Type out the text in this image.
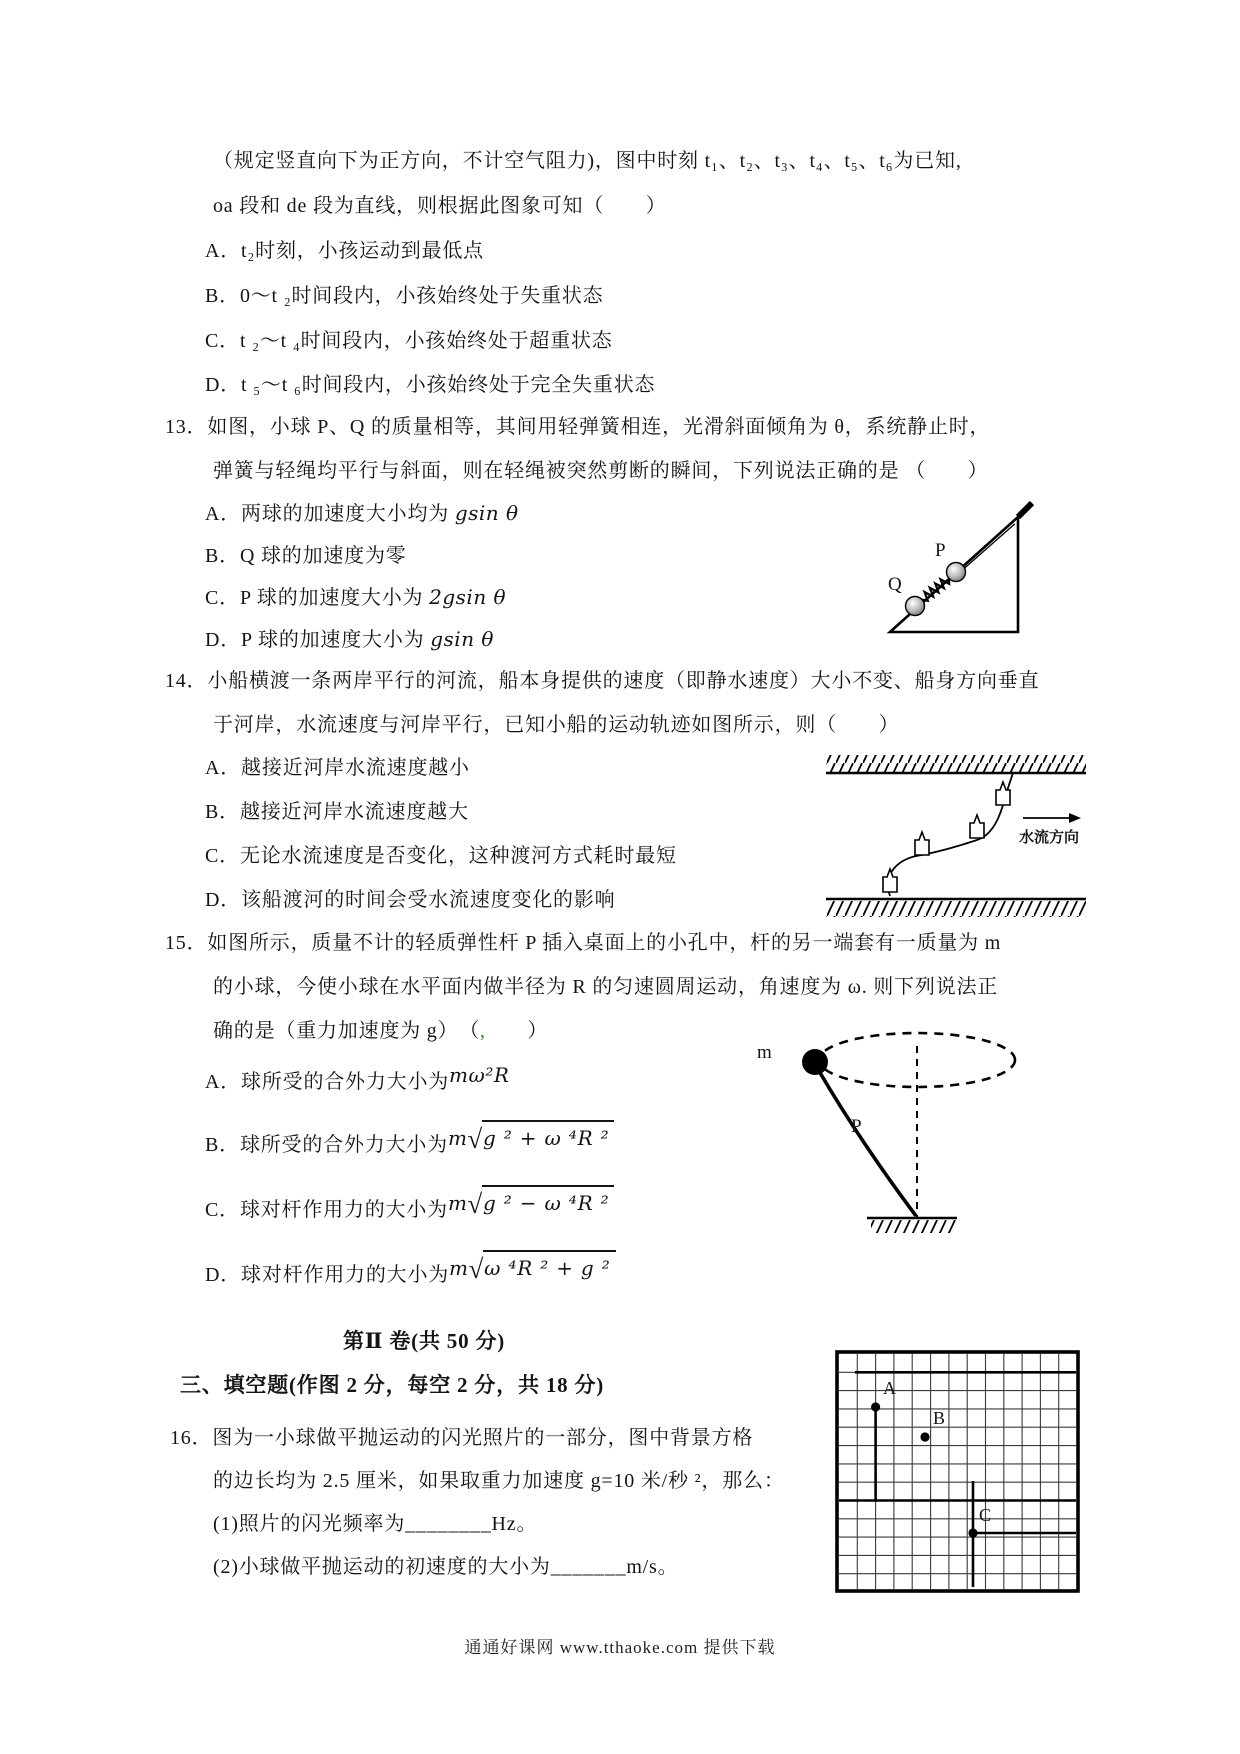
（规定竖直向下为正方向，不计空气阻力)，图中时刻 t₁、t₂、t₃、t₄、t₅、t₆为已知,
oa 段和 de 段为直线，则根据此图象可知（　　）
A．t₂时刻，小孩运动到最低点
B．0～t ₂时间段内，小孩始终处于失重状态
C．t ₂～t ₄时间段内，小孩始终处于超重状态
D．t ₅～t ₆时间段内，小孩始终处于完全失重状态
13．如图，小球 P、Q 的质量相等，其间用轻弹簧相连，光滑斜面倾角为 θ，系统静止时，
弹簧与轻绳均平行与斜面，则在轻绳被突然剪断的瞬间，下列说法正确的是 （　　）
A．两球的加速度大小均为 gsin θ
B．Q 球的加速度为零
C．P 球的加速度大小为 2gsin θ
D．P 球的加速度大小为 gsin θ
P
Q
14．小船横渡一条两岸平行的河流，船本身提供的速度（即静水速度）大小不变、船身方向垂直
于河岸，水流速度与河岸平行，已知小船的运动轨迹如图所示，则（　　）
A．越接近河岸水流速度越小
B．越接近河岸水流速度越大
C．无论水流速度是否变化，这种渡河方式耗时最短
D．该船渡河的时间会受水流速度变化的影响
水流方向
15．如图所示，质量不计的轻质弹性杆 P 插入桌面上的小孔中，杆的另一端套有一质量为 m
的小球，今使小球在水平面内做半径为 R 的匀速圆周运动，角速度为 ω. 则下列说法正
确的是（重力加速度为 g）　（,　　）
A．球所受的合外力大小为mω²R
B．球所受的合外力大小为m√g ² + ω ⁴R ²
C．球对杆作用力的大小为m√g ² − ω ⁴R ²
D．球对杆作用力的大小为m√ω ⁴R ² + g ²
m
P
第Ⅱ 卷(共 50 分)
三、填空题(作图 2 分，每空 2 分，共 18 分)
16．图为一小球做平抛运动的闪光照片的一部分，图中背景方格
的边长均为 2.5 厘米，如果取重力加速度 g=10 米/秒 ²，那么：
(1)照片的闪光频率为________Hz。
(2)小球做平抛运动的初速度的大小为_______m/s。
A
B
C
通通好课网 www.tthaoke.com 提供下载
